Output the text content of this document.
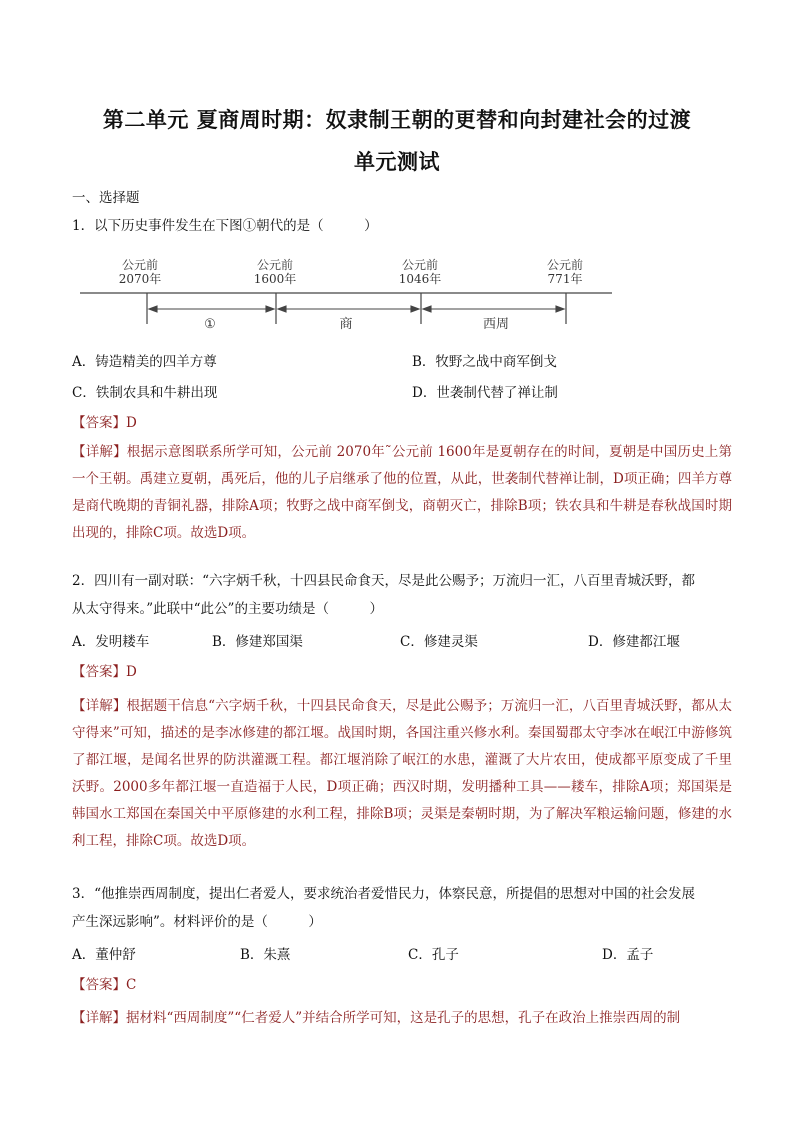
第二单元 夏商周时期：奴隶制王朝的更替和向封建社会的过渡
单元测试
一、选择题
1．以下历史事件发生在下图①朝代的是（　　　）
公元前
2070年
公元前
1600年
公元前
1046年
公元前
771年
①	商	西周
A．铸造精美的四羊方尊	B．牧野之战中商军倒戈
C．铁制农具和牛耕出现	D．世袭制代替了禅让制
【答案】D
【详解】根据示意图联系所学可知，公元前 2070年˜公元前 1600年是夏朝存在的时间，夏朝是中国历史上第一个王朝。禹建立夏朝，禹死后，他的儿子启继承了他的位置，从此，世袭制代替禅让制，D项正确；四羊方尊是商代晚期的青铜礼器，排除A项；牧野之战中商军倒戈，商朝灭亡，排除B项；铁农具和牛耕是春秋战国时期出现的，排除C项。故选D项。
2．四川有一副对联：“六字炳千秋，十四县民命食天，尽是此公赐予；万流归一汇，八百里青城沃野，都
从太守得来。”此联中“此公”的主要功绩是（　　　）
A．发明耧车	B．修建郑国渠	C．修建灵渠	D．修建都江堰
【答案】D
【详解】根据题干信息“六字炳千秋，十四县民命食天，尽是此公赐予；万流归一汇，八百里青城沃野，都从太守得来”可知，描述的是李冰修建的都江堰。战国时期，各国注重兴修水利。秦国蜀郡太守李冰在岷江中游修筑了都江堰，是闻名世界的防洪灌溉工程。都江堰消除了岷江的水患，灌溉了大片农田，使成都平原变成了千里沃野。2000多年都江堰一直造福于人民，D项正确；西汉时期，发明播种工具——耧车，排除A项；郑国渠是韩国水工郑国在秦国关中平原修建的水利工程，排除B项；灵渠是秦朝时期，为了解决军粮运输问题，修建的水利工程，排除C项。故选D项。
3．“他推崇西周制度，提出仁者爱人，要求统治者爱惜民力，体察民意，所提倡的思想对中国的社会发展
产生深远影响”。材料评价的是（　　　）
A．董仲舒	B．朱熹	C．孔子	D．孟子
【答案】C
【详解】据材料“西周制度”“仁者爱人”并结合所学可知，这是孔子的思想，孔子在政治上推崇西周的制
